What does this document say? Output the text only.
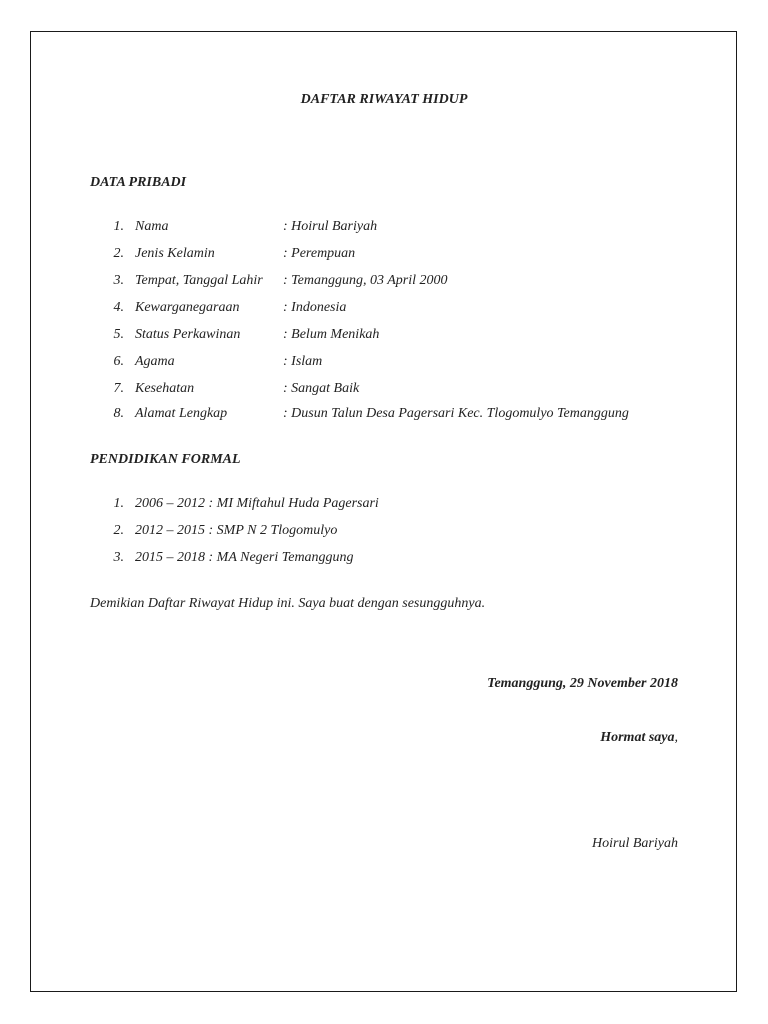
DAFTAR RIWAYAT HIDUP
DATA PRIBADI
1. Nama	: Hoirul Bariyah
2. Jenis Kelamin	: Perempuan
3. Tempat, Tanggal Lahir : Temanggung, 03 April 2000
4. Kewarganegaraan	: Indonesia
5. Status Perkawinan	: Belum Menikah
6. Agama	: Islam
7. Kesehatan	: Sangat Baik
8. Alamat Lengkap	: Dusun Talun Desa Pagersari Kec. Tlogomulyo Temanggung
PENDIDIKAN FORMAL
1. 2006 – 2012 : MI Miftahul Huda Pagersari
2. 2012 – 2015 : SMP N 2 Tlogomulyo
3. 2015 – 2018 : MA Negeri Temanggung
Demikian Daftar Riwayat Hidup ini. Saya buat dengan sesungguhnya.
Temanggung, 29 November 2018
Hormat saya,
Hoirul Bariyah
